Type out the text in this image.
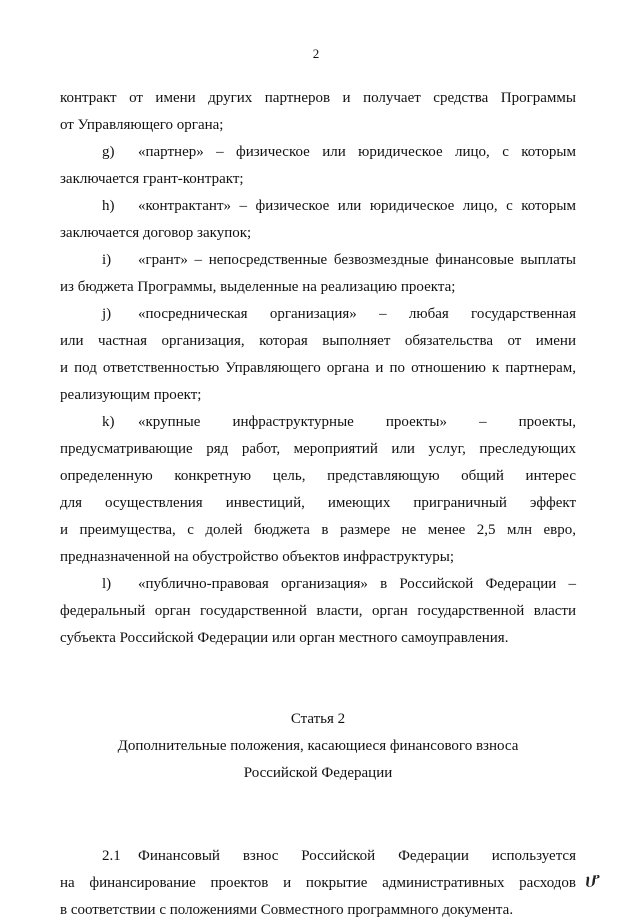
2

контракт от имени других партнеров и получает средства Программы

от Управляющего органа;

g) «партнер» – физическое или юридическое лицо, с которым

заключается грант-контракт;

h) «контрактант» – физическое или юридическое лицо, с которым

заключается договор закупок;

i) «грант» – непосредственные безвозмездные финансовые выплаты

из бюджета Программы, выделенные на реализацию проекта;

j) «посредническая организация» – любая государственная

или частная организация, которая выполняет обязательства от имени

и под ответственностью Управляющего органа и по отношению к партнерам,

реализующим проект;

k) «крупные инфраструктурные проекты» – проекты,

предусматривающие ряд работ, мероприятий или услуг, преследующих

определенную конкретную цель, представляющую общий интерес

для осуществления инвестиций, имеющих приграничный эффект

и преимущества, с долей бюджета в размере не менее 2,5 млн евро,

предназначенной на обустройство объектов инфраструктуры;

l) «публично-правовая организация» в Российской Федерации –

федеральный орган государственной власти, орган государственной власти

субъекта Российской Федерации или орган местного самоуправления.

Статья 2

Дополнительные положения, касающиеся финансового взноса

Российской Федерации

2.1 Финансовый взнос Российской Федерации используется

на финансирование проектов и покрытие административных расходов

в соответствии с положениями Совместного программного документа.

ሆ
